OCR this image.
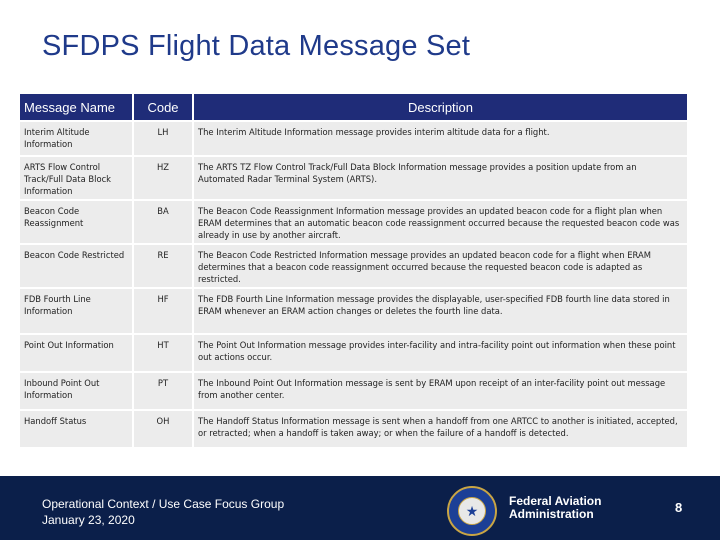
SFDPS Flight Data Message Set
Message Name	Code	Description
Interim Altitude Information	LH	The Interim Altitude Information message provides interim altitude data for a flight.
ARTS Flow Control Track/Full Data Block Information	HZ	The ARTS TZ Flow Control Track/Full Data Block Information message provides a position update from an Automated Radar Terminal System (ARTS).
Beacon Code Reassignment	BA	The Beacon Code Reassignment Information message provides an updated beacon code for a flight plan when ERAM determines that an automatic beacon code reassignment occurred because the requested beacon code was already in use by another aircraft.
Beacon Code Restricted	RE	The Beacon Code Restricted Information message provides an updated beacon code for a flight when ERAM determines that a beacon code reassignment occurred because the requested beacon code is adapted as restricted.
FDB Fourth Line Information	HF	The FDB Fourth Line Information message provides the displayable, user-specified FDB fourth line data stored in ERAM whenever an ERAM action changes or deletes the fourth line data.
Point Out Information	HT	The Point Out Information message provides inter-facility and intra-facility point out information when these point out actions occur.
Inbound Point Out Information	PT	The Inbound Point Out Information message is sent by ERAM upon receipt of an inter-facility point out message from another center.
Handoff Status	OH	The Handoff Status Information message is sent when a handoff from one ARTCC to another is initiated, accepted, or retracted; when a handoff is taken away; or when the failure of a handoff is detected.
Operational Context / Use Case Focus Group
January 23, 2020
★
Federal Aviation
Administration	8
